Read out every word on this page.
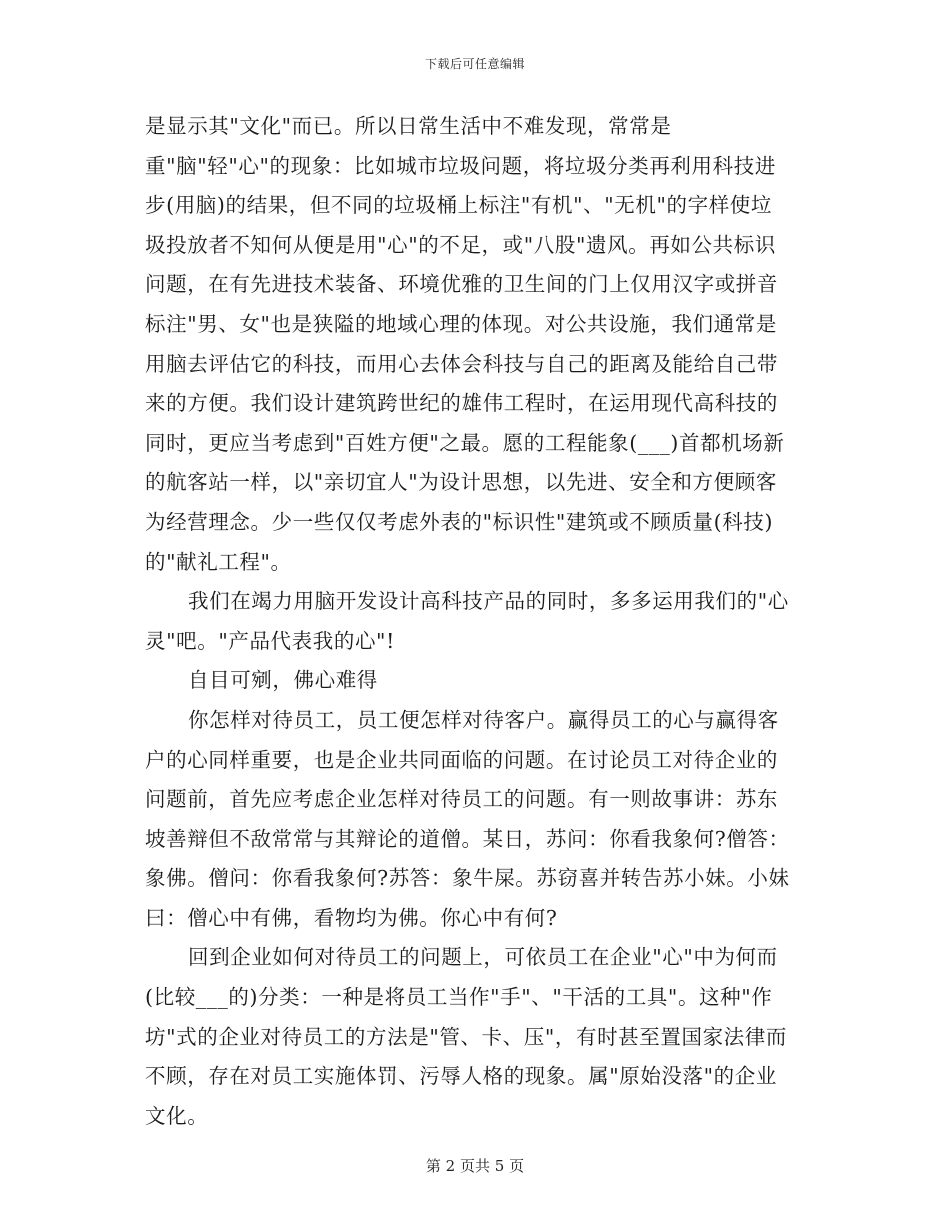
下载后可任意编辑
是显示其"文化"而已。所以日常生活中不难发现，常常是
重"脑"轻"心"的现象：比如城市垃圾问题，将垃圾分类再利用科技进
步(用脑)的结果，但不同的垃圾桶上标注"有机"、"无机"的字样使垃
圾投放者不知何从便是用"心"的不足，或"八股"遗风。再如公共标识
问题，在有先进技术装备、环境优雅的卫生间的门上仅用汉字或拼音
标注"男、女"也是狭隘的地域心理的体现。对公共设施，我们通常是
用脑去评估它的科技，而用心去体会科技与自己的距离及能给自己带
来的方便。我们设计建筑跨世纪的雄伟工程时，在运用现代高科技的
同时，更应当考虑到"百姓方便"之最。愿的工程能象(___)首都机场新
的航客站一样，以"亲切宜人"为设计思想，以先进、安全和方便顾客
为经营理念。少一些仅仅考虑外表的"标识性"建筑或不顾质量(科技)
的"献礼工程"。
我们在竭力用脑开发设计高科技产品的同时，多多运用我们的"心
灵"吧。"产品代表我的心"!
自目可剜，佛心难得
你怎样对待员工，员工便怎样对待客户。赢得员工的心与赢得客
户的心同样重要，也是企业共同面临的问题。在讨论员工对待企业的
问题前，首先应考虑企业怎样对待员工的问题。有一则故事讲：苏东
坡善辩但不敌常常与其辩论的道僧。某日，苏问：你看我象何?僧答：
象佛。僧问：你看我象何?苏答：象牛屎。苏窃喜并转告苏小妹。小妹
曰：僧心中有佛，看物均为佛。你心中有何?
回到企业如何对待员工的问题上，可依员工在企业"心"中为何而
(比较___的)分类：一种是将员工当作"手"、"干活的工具"。这种"作
坊"式的企业对待员工的方法是"管、卡、压"，有时甚至置国家法律而
不顾，存在对员工实施体罚、污辱人格的现象。属"原始没落"的企业
文化。
第 2 页共 5 页
